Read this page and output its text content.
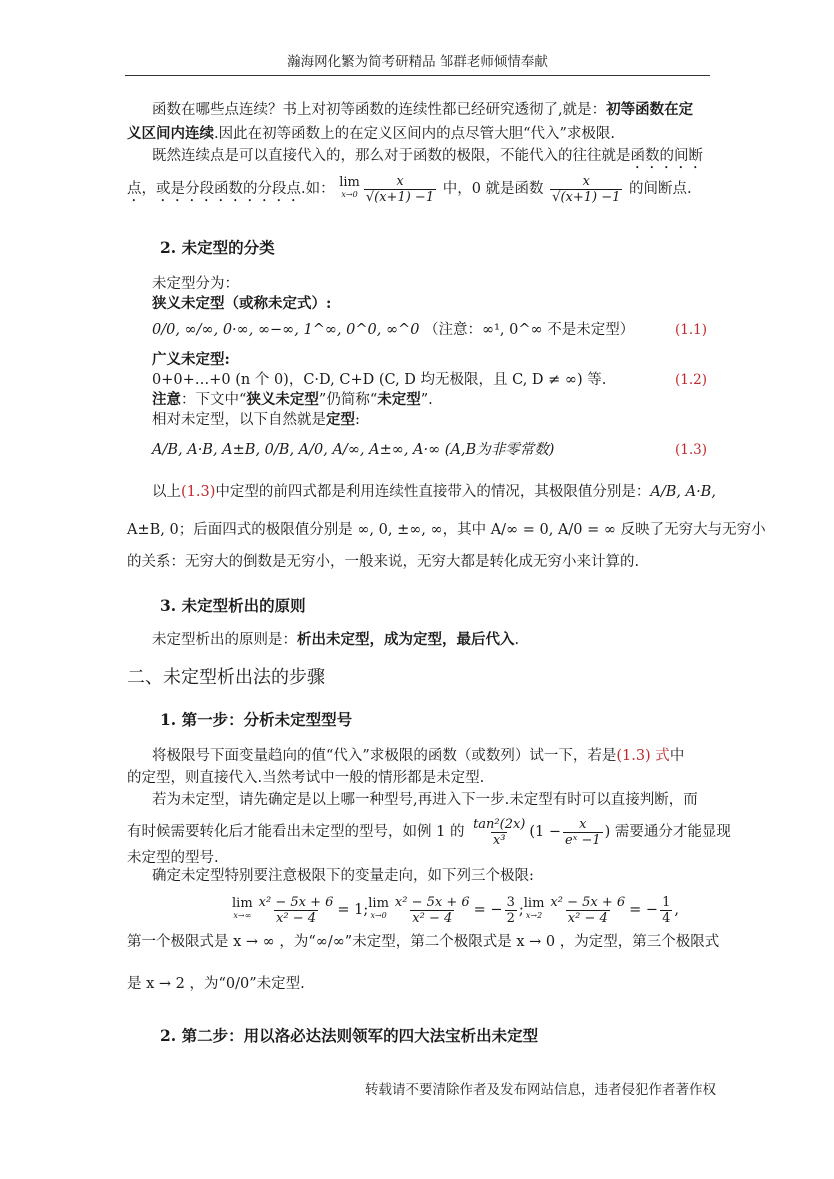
瀚海网化繁为简考研精品 邹群老师倾情奉献
函数在哪些点连续？书上对初等函数的连续性都已经研究透彻了,就是：初等函数在定
义区间内连续.因此在初等函数上的在定义区间内的点尽管大胆“代入”求极限.
既然连续点是可以直接代入的，那么对于函数的极限，不能代入的往往就是函数的间断
点，或是分段函数的分段点.如： lim
$x\to 0 \frac{x}{√(x+1) -1}$ 中，0 就是函数 $\frac{x}{√(x+1) -1}$ 的间断点.
2. 未定型的分类
未定型分为：
狭义未定型（或称未定式）:
0/0, ∞/∞, 0·∞, ∞−∞, 1^∞, 0^0, ∞^0 （注意：∞¹, 0^∞ 不是未定型）	(1.1)
广义未定型:
0+0+…+0 (n 个 0)，C·D, C+D (C, D 均无极限，且 C, D ≠ ∞) 等.	(1.2)
注意：下文中“狭义未定型”仍简称“未定型”.
相对未定型，以下自然就是定型:
A/B, A·B, A±B, 0/B, A/0, A/∞, A±∞, A·∞ (A,B为非零常数)	(1.3)
以上(1.3)中定型的前四式都是利用连续性直接带入的情况，其极限值分别是：A/B, A·B,
A±B, 0；后面四式的极限值分别是 ∞, 0, ±∞, ∞，其中 A/∞ = 0, A/0 = ∞ 反映了无穷大与无穷小
的关系：无穷大的倒数是无穷小，一般来说，无穷大都是转化成无穷小来计算的.
3. 未定型析出的原则
未定型析出的原则是：析出未定型，成为定型，最后代入.
二、未定型析出法的步骤
1. 第一步：分析未定型型号
将极限号下面变量趋向的值“代入”求极限的函数（或数列）试一下，若是(1.3) 式中
的定型，则直接代入.当然考试中一般的情形都是未定型.
若为未定型，请先确定是以上哪一种型号,再进入下一步.未定型有时可以直接判断，而
有时候需要转化后才能看出未定型的型号，如例 1 的 $\frac{\text{tan²(2x)}}{\text{x³}} (1 - \frac{x}{\text{eˣ −1}}$ ) 需要通分才能显现
未定型的型号.
确定未定型特别要注意极限下的变量走向，如下列三个极限:
lim
$x\to\infty \frac{\text{x² − 5x + 6}}{\text{x² − 4}} = 1$; lim
$x\to 0 \frac{\text{x² − 5x + 6}}{\text{x² − 4}}$ = − $\frac{3}{2}$ ; lim
$x\to 2 \frac{\text{x² − 5x + 6}}{\text{x² − 4}}$ = − $\frac{1}{4}$ ,
第一个极限式是 x → ∞ ，为“∞/∞”未定型，第二个极限式是 x → 0 ，为定型，第三个极限式
是 x → 2 ，为“0/0”未定型.
2. 第二步：用以洛必达法则领军的四大法宝析出未定型
转载请不要清除作者及发布网站信息，违者侵犯作者著作权
